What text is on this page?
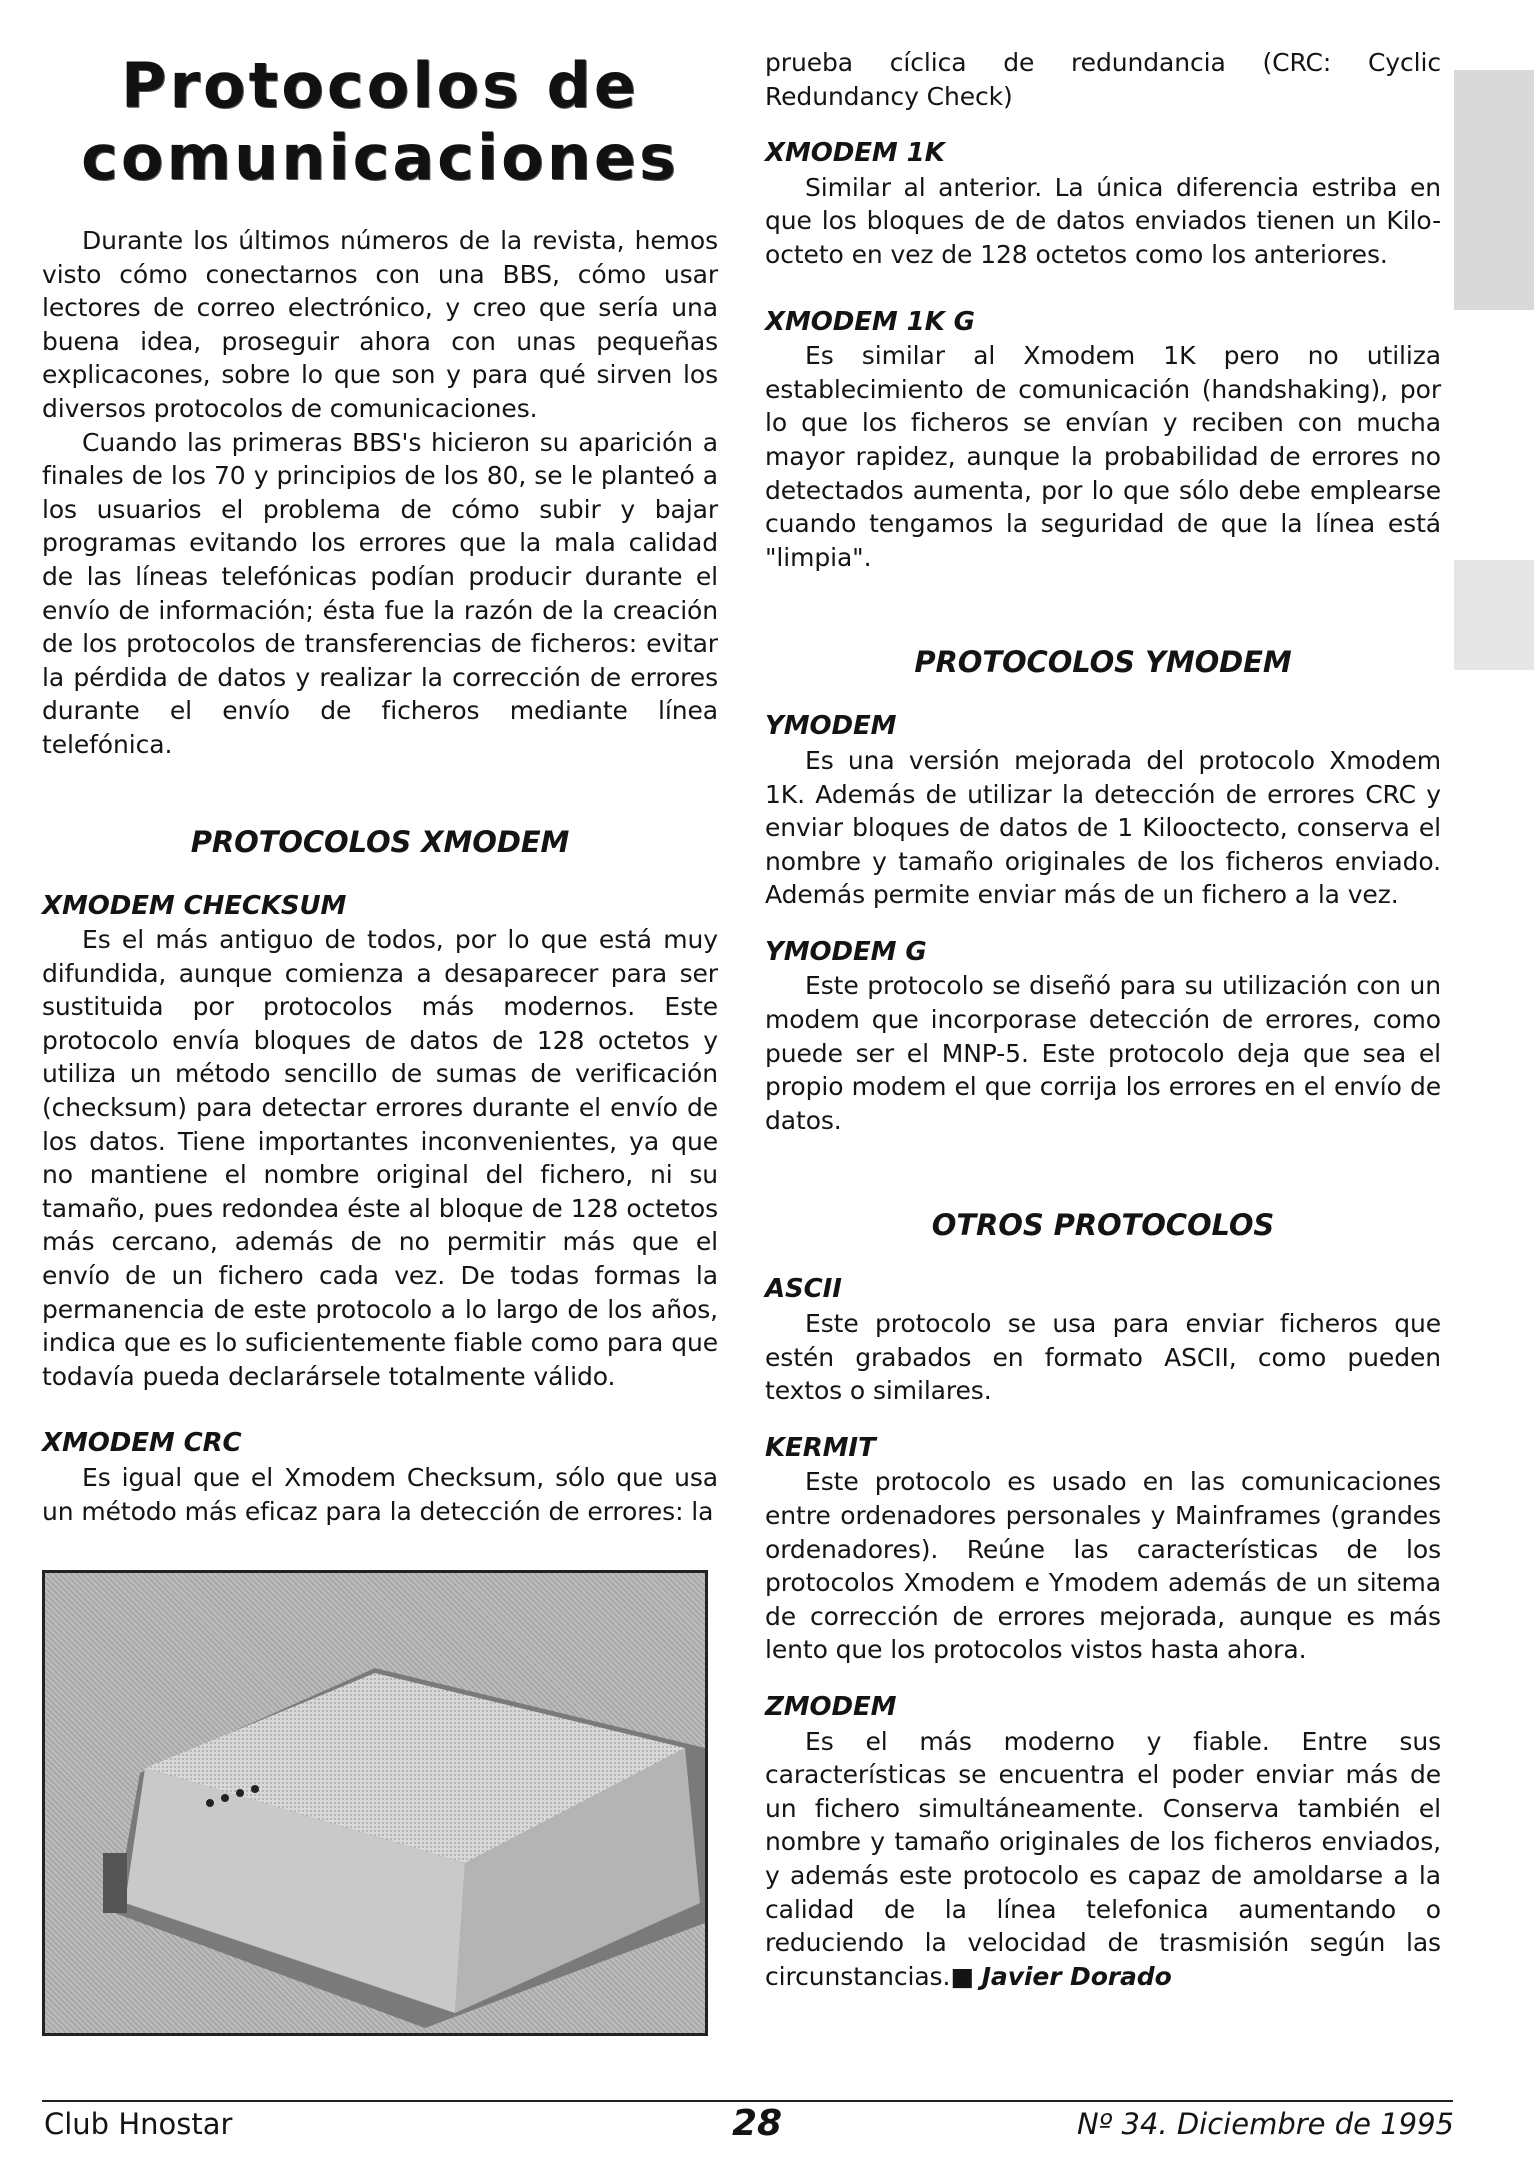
Protocolos de comunicaciones

Durante los últimos números de la revista, hemos visto cómo conectarnos con una BBS, cómo usar lectores de correo electrónico, y creo que sería una buena idea, proseguir ahora con unas pequeñas explicacones, sobre lo que son y para qué sirven los diversos protocolos de comunicaciones.

Cuando las primeras BBS's hicieron su aparición a finales de los 70 y principios de los 80, se le planteó a los usuarios el problema de cómo subir y bajar programas evitando los errores que la mala calidad de las líneas telefónicas podían producir durante el envío de información; ésta fue la razón de la creación de los protocolos de transferencias de ficheros: evitar la pérdida de datos y realizar la corrección de errores durante el envío de ficheros mediante línea telefónica.

PROTOCOLOS XMODEM
XMODEM CHECKSUM

Es el más antiguo de todos, por lo que está muy difundida, aunque comienza a desaparecer para ser sustituida por protocolos más modernos. Este protocolo envía bloques de datos de 128 octetos y utiliza un método sencillo de sumas de verificación (checksum) para detectar errores durante el envío de los datos. Tiene importantes inconvenientes, ya que no mantiene el nombre original del fichero, ni su tamaño, pues redondea éste al bloque de 128 octetos más cercano, además de no permitir más que el envío de un fichero cada vez. De todas formas la permanencia de este protocolo a lo largo de los años, indica que es lo suficientemente fiable como para que todavía pueda declarársele totalmente válido.

XMODEM CRC

Es igual que el Xmodem Checksum, sólo que usa un método más eficaz para la detección de errores: la

prueba cíclica de redundancia (CRC: Cyclic Redundancy Check)

XMODEM 1K

Similar al anterior. La única diferencia estriba en que los bloques de de datos enviados tienen un Kilo-octeto en vez de 128 octetos como los anteriores.

XMODEM 1K G

Es similar al Xmodem 1K pero no utiliza establecimiento de comunicación (handshaking), por lo que los ficheros se envían y reciben con mucha mayor rapidez, aunque la probabilidad de errores no detectados aumenta, por lo que sólo debe emplearse cuando tengamos la seguridad de que la línea está "limpia".

PROTOCOLOS YMODEM
YMODEM

Es una versión mejorada del protocolo Xmodem 1K. Además de utilizar la detección de errores CRC y enviar bloques de datos de 1 Kilooctecto, conserva el nombre y tamaño originales de los ficheros enviado. Además permite enviar más de un fichero a la vez.

YMODEM G

Este protocolo se diseñó para su utilización con un modem que incorporase detección de errores, como puede ser el MNP-5. Este protocolo deja que sea el propio modem el que corrija los errores en el envío de datos.

OTROS PROTOCOLOS
ASCII

Este protocolo se usa para enviar ficheros que estén grabados en formato ASCII, como pueden textos o similares.

KERMIT

Este protocolo es usado en las comunicaciones entre ordenadores personales y Mainframes (grandes ordenadores). Reúne las características de los protocolos Xmodem e Ymodem además de un sitema de corrección de errores mejorada, aunque es más lento que los protocolos vistos hasta ahora.

ZMODEM

Es el más moderno y fiable. Entre sus características se encuentra el poder enviar más de un fichero simultáneamente. Conserva también el nombre y tamaño originales de los ficheros enviados, y además este protocolo es capaz de amoldarse a la calidad de la línea telefonica aumentando o reduciendo la velocidad de trasmisión según las circunstancias.■ Javier Dorado

Club Hnostar	28	Nº 34. Diciembre de 1995
